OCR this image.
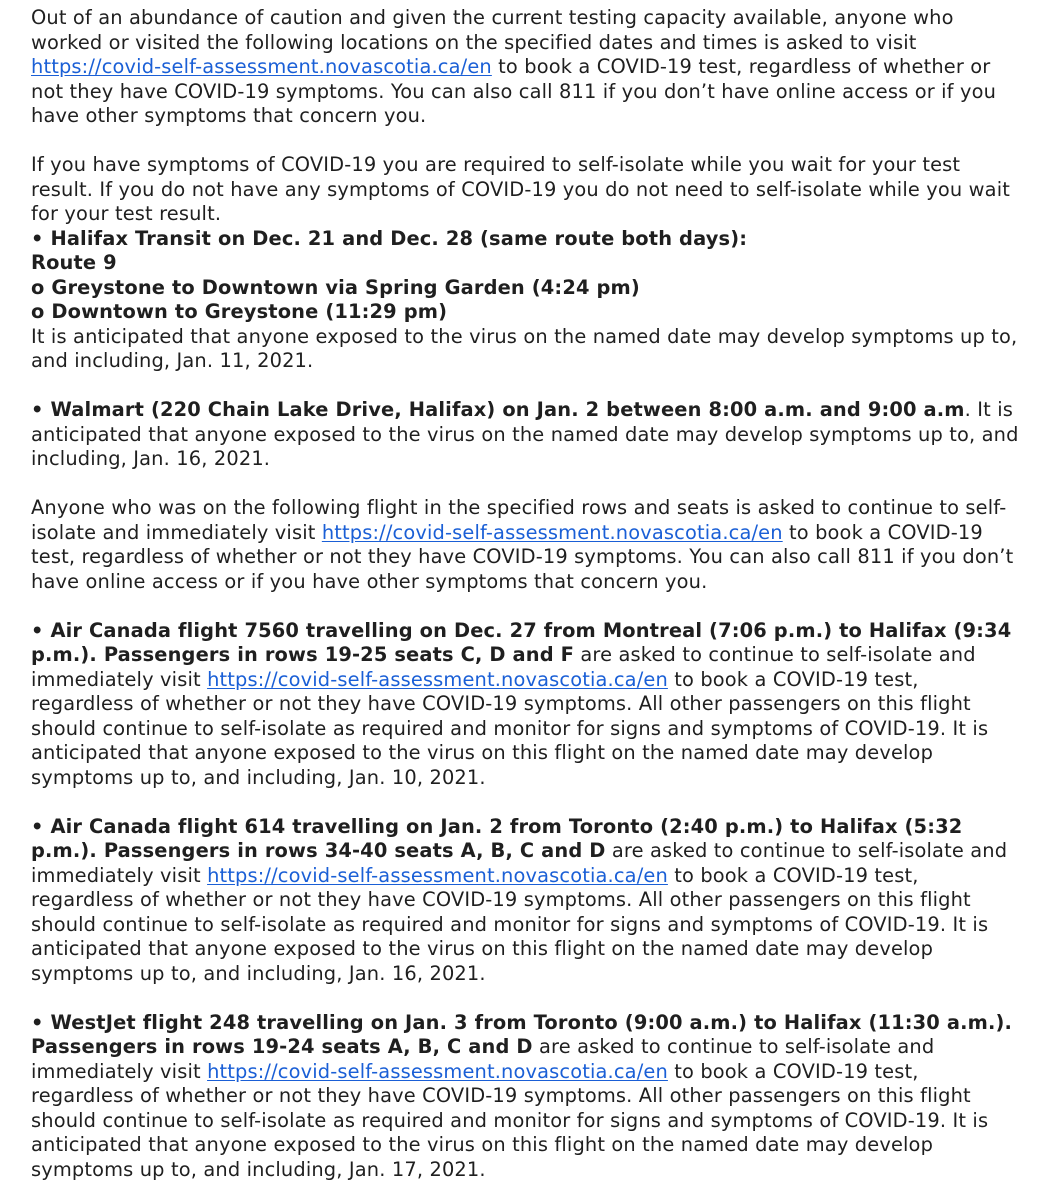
Out of an abundance of caution and given the current testing capacity available, anyone who worked or visited the following locations on the specified dates and times is asked to visit https://covid-self-assessment.novascotia.ca/en to book a COVID-19 test, regardless of whether or not they have COVID-19 symptoms. You can also call 811 if you don’t have online access or if you have other symptoms that concern you.

If you have symptoms of COVID-19 you are required to self-isolate while you wait for your test result. If you do not have any symptoms of COVID-19 you do not need to self-isolate while you wait for your test result.

• Halifax Transit on Dec. 21 and Dec. 28 (same route both days):

Route 9

o Greystone to Downtown via Spring Garden (4:24 pm)

o Downtown to Greystone (11:29 pm)

It is anticipated that anyone exposed to the virus on the named date may develop symptoms up to, and including, Jan. 11, 2021.

• Walmart (220 Chain Lake Drive, Halifax) on Jan. 2 between 8:00 a.m. and 9:00 a.m. It is anticipated that anyone exposed to the virus on the named date may develop symptoms up to, and including, Jan. 16, 2021.

Anyone who was on the following flight in the specified rows and seats is asked to continue to self-isolate and immediately visit https://covid-self-assessment.novascotia.ca/en to book a COVID-19 test, regardless of whether or not they have COVID-19 symptoms. You can also call 811 if you don’t have online access or if you have other symptoms that concern you.

• Air Canada flight 7560 travelling on Dec. 27 from Montreal (7:06 p.m.) to Halifax (9:34 p.m.). Passengers in rows 19-25 seats C, D and F are asked to continue to self-isolate and immediately visit https://covid-self-assessment.novascotia.ca/en to book a COVID-19 test, regardless of whether or not they have COVID-19 symptoms. All other passengers on this flight should continue to self-isolate as required and monitor for signs and symptoms of COVID-19. It is anticipated that anyone exposed to the virus on this flight on the named date may develop symptoms up to, and including, Jan. 10, 2021.

• Air Canada flight 614 travelling on Jan. 2 from Toronto (2:40 p.m.) to Halifax (5:32 p.m.). Passengers in rows 34-40 seats A, B, C and D are asked to continue to self-isolate and immediately visit https://covid-self-assessment.novascotia.ca/en to book a COVID-19 test, regardless of whether or not they have COVID-19 symptoms. All other passengers on this flight should continue to self-isolate as required and monitor for signs and symptoms of COVID-19. It is anticipated that anyone exposed to the virus on this flight on the named date may develop symptoms up to, and including, Jan. 16, 2021.

• WestJet flight 248 travelling on Jan. 3 from Toronto (9:00 a.m.) to Halifax (11:30 a.m.). Passengers in rows 19-24 seats A, B, C and D are asked to continue to self-isolate and immediately visit https://covid-self-assessment.novascotia.ca/en to book a COVID-19 test, regardless of whether or not they have COVID-19 symptoms. All other passengers on this flight should continue to self-isolate as required and monitor for signs and symptoms of COVID-19. It is anticipated that anyone exposed to the virus on this flight on the named date may develop symptoms up to, and including, Jan. 17, 2021.
